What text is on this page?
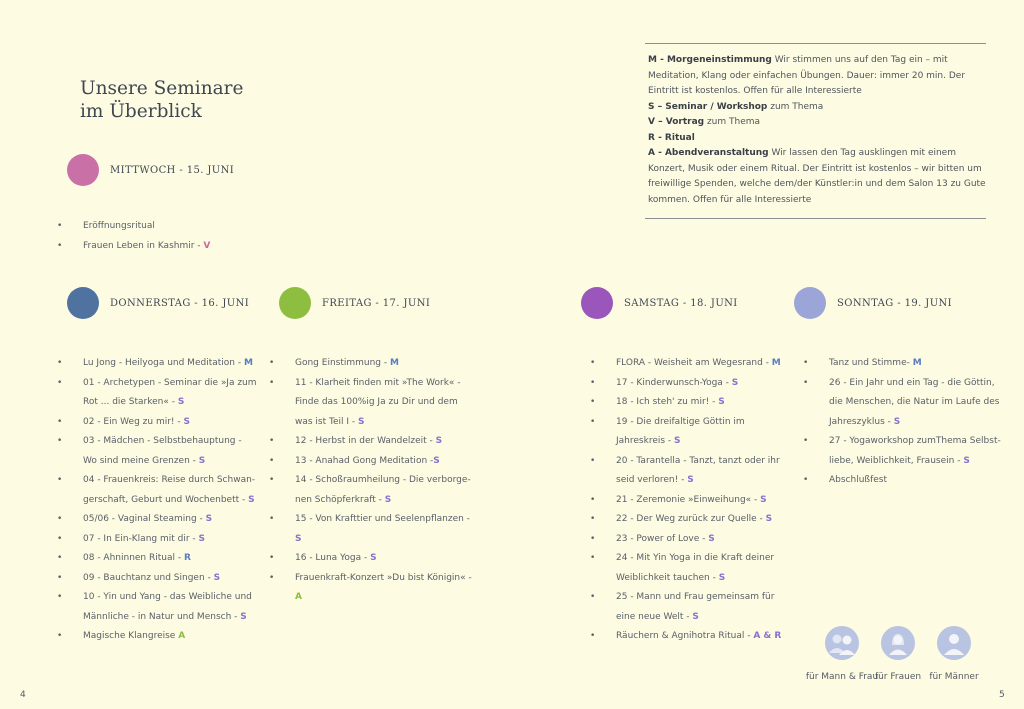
Unsere Seminare
im Überblick
M - Morgeneinstimmung Wir stimmen uns auf den Tag ein – mit Meditation, Klang oder einfachen Übungen. Dauer: immer 20 min. Der Eintritt ist kostenlos. Offen für alle Interessierte
S – Seminar / Workshop zum Thema
V – Vortrag zum Thema
R - Ritual
A - Abendveranstaltung Wir lassen den Tag ausklingen mit einem Konzert, Musik oder einem Ritual. Der Eintritt ist kostenlos – wir bitten um freiwillige Spenden, welche dem/der Künstler:in und dem Salon 13 zu Gute kommen. Offen für alle Interessierte
MITTWOCH - 15. JUNI
DONNERSTAG - 16. JUNI	FREITAG - 17. JUNI	SAMSTAG - 18. JUNI	SONNTAG - 19. JUNI
• Eröffnungsritual
• Frauen Leben in Kashmir - V
• Lu Jong - Heilyoga und Meditation - M
• 01 - Archetypen - Seminar die »Ja zum Rot ... die Starken« - S
• 02 - Ein Weg zu mir! - S
• 03 - Mädchen - Selbstbehauptung - Wo sind meine Grenzen - S
• 04 - Frauenkreis: Reise durch Schwan- gerschaft, Geburt und Wochenbett - S
• 05/06 - Vaginal Steaming - S
• 07 - In Ein-Klang mit dir - S
• 08 - Ahninnen Ritual - R
• 09 - Bauchtanz und Singen - S
• 10 - Yin und Yang - das Weibliche und Männliche - in Natur und Mensch - S
• Magische Klangreise A
• Gong Einstimmung - M
• 11 - Klarheit finden mit »The Work« - Finde das 100%ig Ja zu Dir und dem was ist Teil I - S
• 12 - Herbst in der Wandelzeit - S
• 13 - Anahad Gong Meditation -S
• 14 - Schoßraumheilung - Die verborge- nen Schöpferkraft - S
• 15 - Von Krafttier und Seelenpflanzen - S
• 16 - Luna Yoga - S
• Frauenkraft-Konzert »Du bist Königin« - A
• FLORA - Weisheit am Wegesrand - M
• 17 - Kinderwunsch-Yoga - S
• 18 - Ich steh' zu mir! - S
• 19 - Die dreifaltige Göttin im Jahreskreis - S
• 20 - Tarantella - Tanzt, tanzt oder ihr seid verloren! - S
• 21 - Zeremonie »Einweihung« - S
• 22 - Der Weg zurück zur Quelle - S
• 23 - Power of Love - S
• 24 - Mit Yin Yoga in die Kraft deiner Weiblichkeit tauchen - S
• 25 - Mann und Frau gemeinsam für eine neue Welt - S
• Räuchern & Agnihotra Ritual - A & R
• Tanz und Stimme- M
• 26 - Ein Jahr und ein Tag - die Göttin, die Menschen, die Natur im Laufe des Jahreszyklus - S
• 27 - Yogaworkshop zumThema Selbst- liebe, Weiblichkeit, Frausein - S
• Abschlußfest
für Mann & Frau
für Frauen für Männer
4	5
